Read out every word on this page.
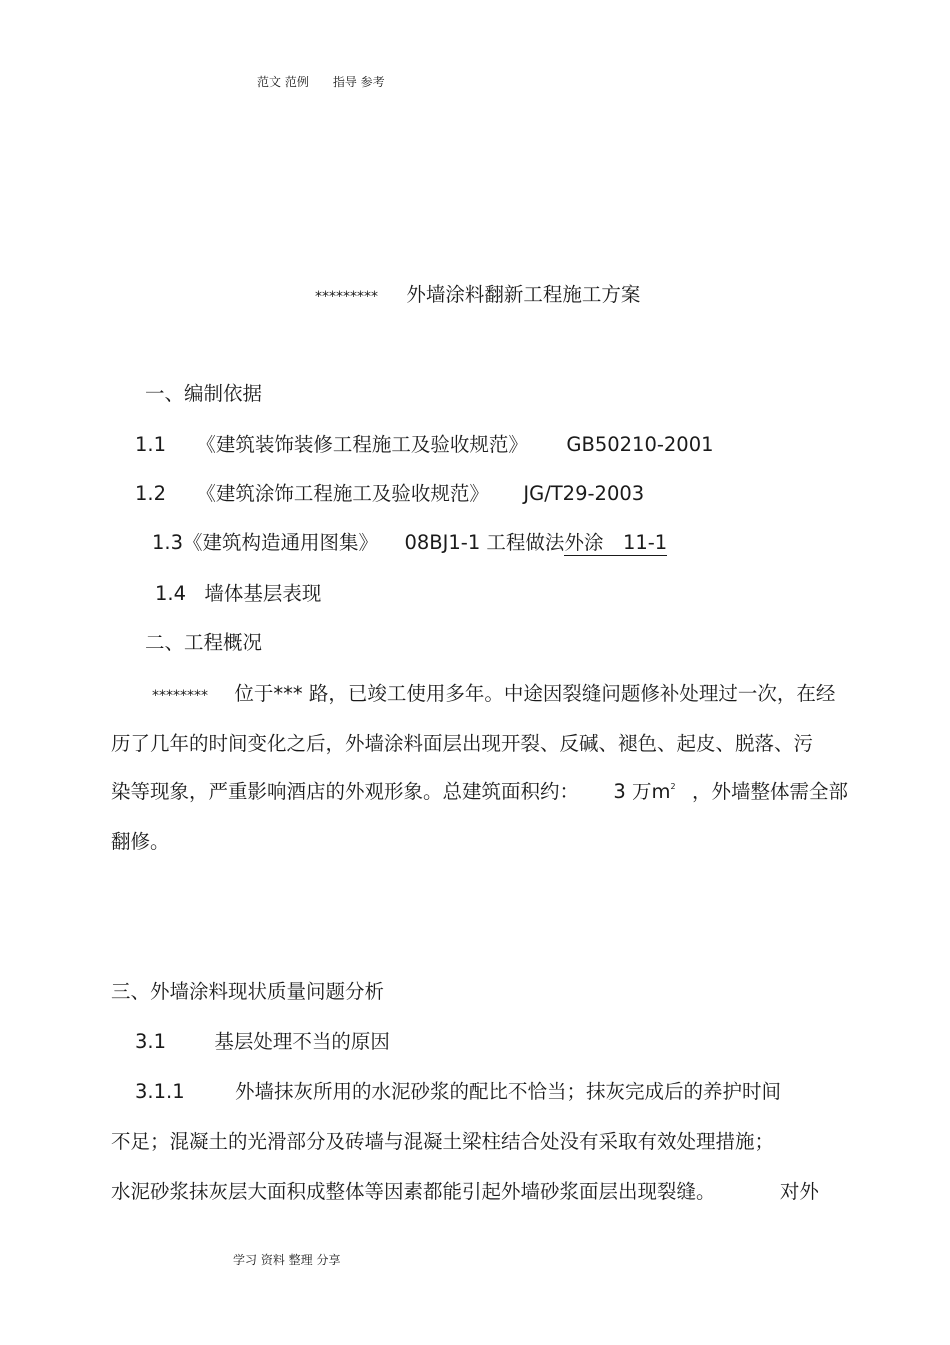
范文 范例　　指导 参考
********* 外墙涂料翻新工程施工方案
一、编制依据
1.1 《建筑装饰装修工程施工及验收规范》 GB50210-2001
1.2 《建筑涂饰工程施工及验收规范》 JG/T29-2003
1.3《建筑构造通用图集》 08BJ1-1 工程做法外涂　11-1
1.4 墙体基层表现
二、工程概况
******** 位于*** 路，已竣工使用多年。中途因裂缝问题修补处理过一次，在经
历了几年的时间变化之后，外墙涂料面层出现开裂、反碱、褪色、起皮、脱落、污
染等现象，严重影响酒店的外观形象。总建筑面积约： 3 万$m^2$ ，外墙整体需全部
翻修。
三、外墙涂料现状质量问题分析
3.1 基层处理不当的原因
3.1.1	外墙抹灰所用的水泥砂浆的配比不恰当；抹灰完成后的养护时间
不足；混凝土的光滑部分及砖墙与混凝土梁柱结合处没有采取有效处理措施；
水泥砂浆抹灰层大面积成整体等因素都能引起外墙砂浆面层出现裂缝。	对外
学习 资料 整理 分享
